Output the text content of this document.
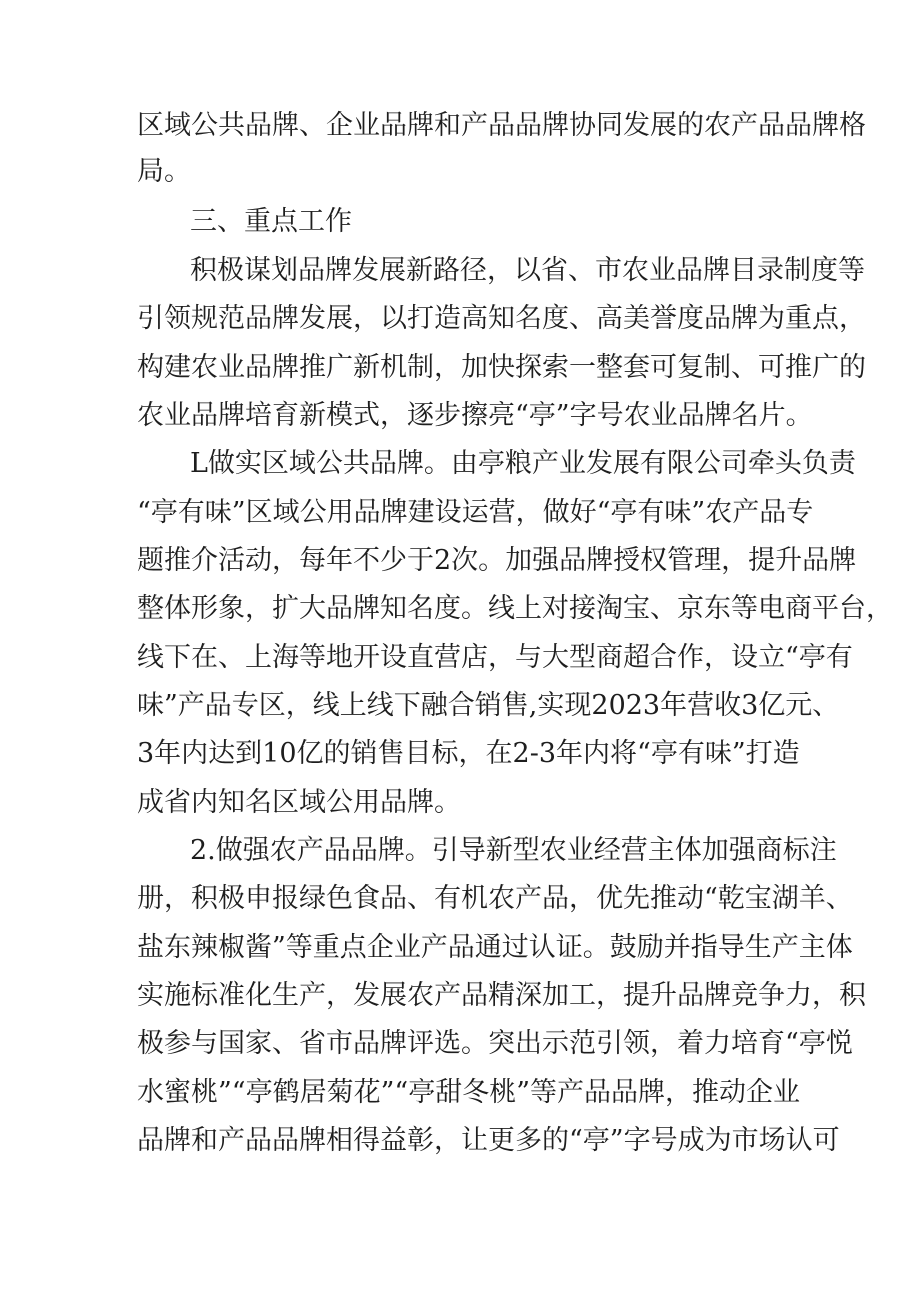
区域公共品牌、企业品牌和产品品牌协同发展的农产品品牌格
局。
三、重点工作
积极谋划品牌发展新路径，以省、市农业品牌目录制度等
引领规范品牌发展，以打造高知名度、高美誉度品牌为重点，
构建农业品牌推广新机制，加快探索一整套可复制、可推广的
农业品牌培育新模式，逐步擦亮“亭”字号农业品牌名片。
L做实区域公共品牌。由亭粮产业发展有限公司牵头负责
“亭有味”区域公用品牌建设运营，做好“亭有味”农产品专
题推介活动，每年不少于2次。加强品牌授权管理，提升品牌
整体形象，扩大品牌知名度。线上对接淘宝、京东等电商平台，
线下在、上海等地开设直营店，与大型商超合作，设立“亭有
味”产品专区，线上线下融合销售,实现2023年营收3亿元、
3年内达到10亿的销售目标，在2-3年内将“亭有味”打造
成省内知名区域公用品牌。
2.做强农产品品牌。引导新型农业经营主体加强商标注
册，积极申报绿色食品、有机农产品，优先推动“乾宝湖羊、
盐东辣椒酱”等重点企业产品通过认证。鼓励并指导生产主体
实施标准化生产，发展农产品精深加工，提升品牌竞争力，积
极参与国家、省市品牌评选。突出示范引领，着力培育“亭悦
水蜜桃”“亭鹤居菊花”“亭甜冬桃”等产品品牌，推动企业
品牌和产品品牌相得益彰，让更多的“亭”字号成为市场认可
